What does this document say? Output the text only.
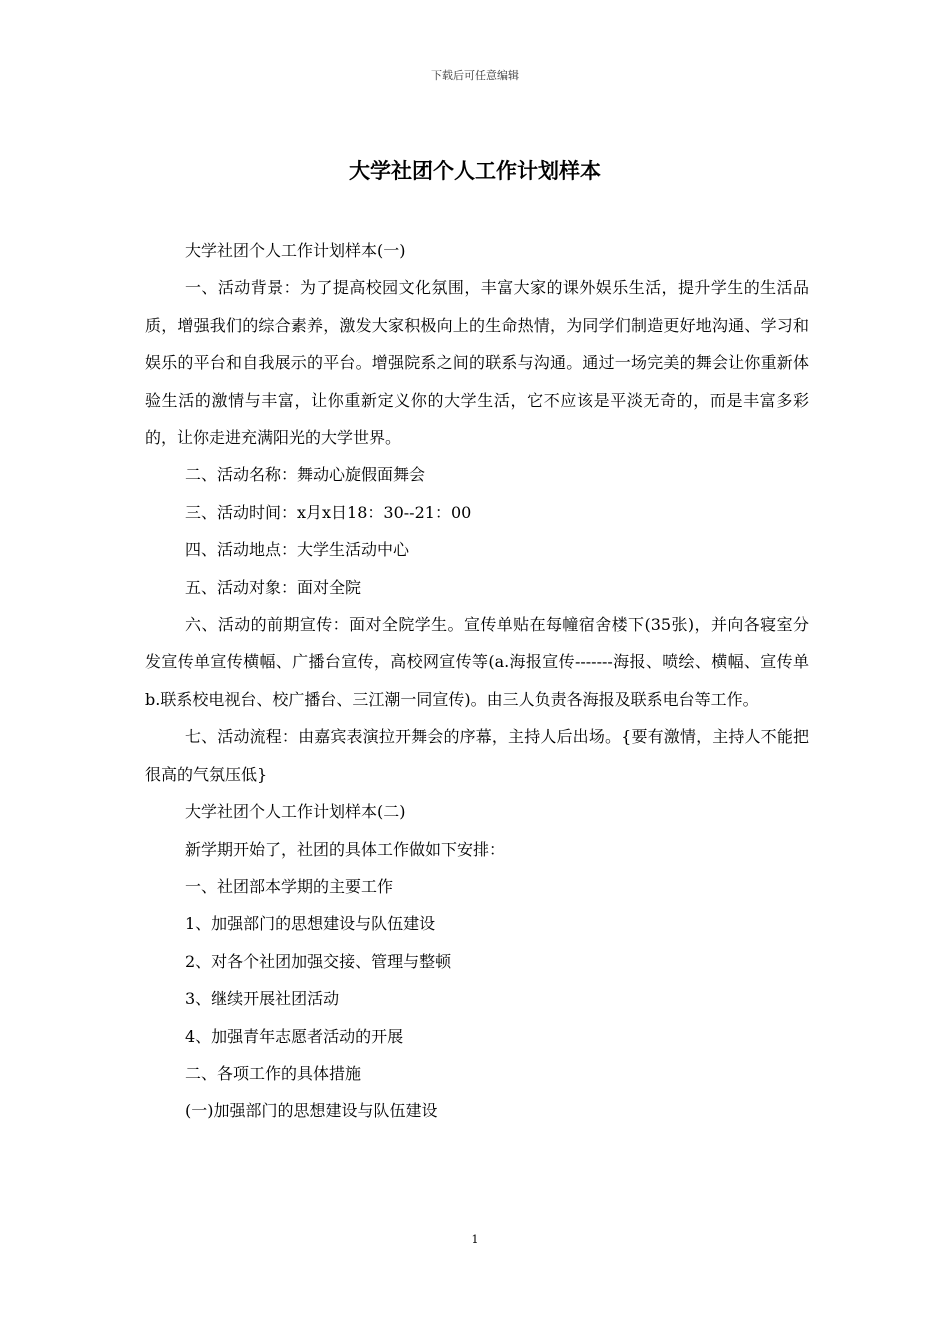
下载后可任意编辑
大学社团个人工作计划样本

大学社团个人工作计划样本(一)

一、活动背景：为了提高校园文化氛围，丰富大家的课外娱乐生活，提升学生的生活品质，增强我们的综合素养，激发大家积极向上的生命热情，为同学们制造更好地沟通、学习和娱乐的平台和自我展示的平台。增强院系之间的联系与沟通。通过一场完美的舞会让你重新体验生活的激情与丰富，让你重新定义你的大学生活，它不应该是平淡无奇的，而是丰富多彩的，让你走进充满阳光的大学世界。

二、活动名称：舞动心旋假面舞会

三、活动时间：x月x日18：30--21：00

四、活动地点：大学生活动中心

五、活动对象：面对全院

六、活动的前期宣传：面对全院学生。宣传单贴在每幢宿舍楼下(35张)，并向各寝室分发宣传单宣传横幅、广播台宣传，高校网宣传等(a.海报宣传-------海报、喷绘、横幅、宣传单b.联系校电视台、校广播台、三江潮一同宣传)。由三人负责各海报及联系电台等工作。

七、活动流程：由嘉宾表演拉开舞会的序幕，主持人后出场。{要有激情，主持人不能把很高的气氛压低}

大学社团个人工作计划样本(二)

新学期开始了，社团的具体工作做如下安排：

一、社团部本学期的主要工作

1、加强部门的思想建设与队伍建设

2、对各个社团加强交接、管理与整顿

3、继续开展社团活动

4、加强青年志愿者活动的开展

二、各项工作的具体措施

(一)加强部门的思想建设与队伍建设

1
